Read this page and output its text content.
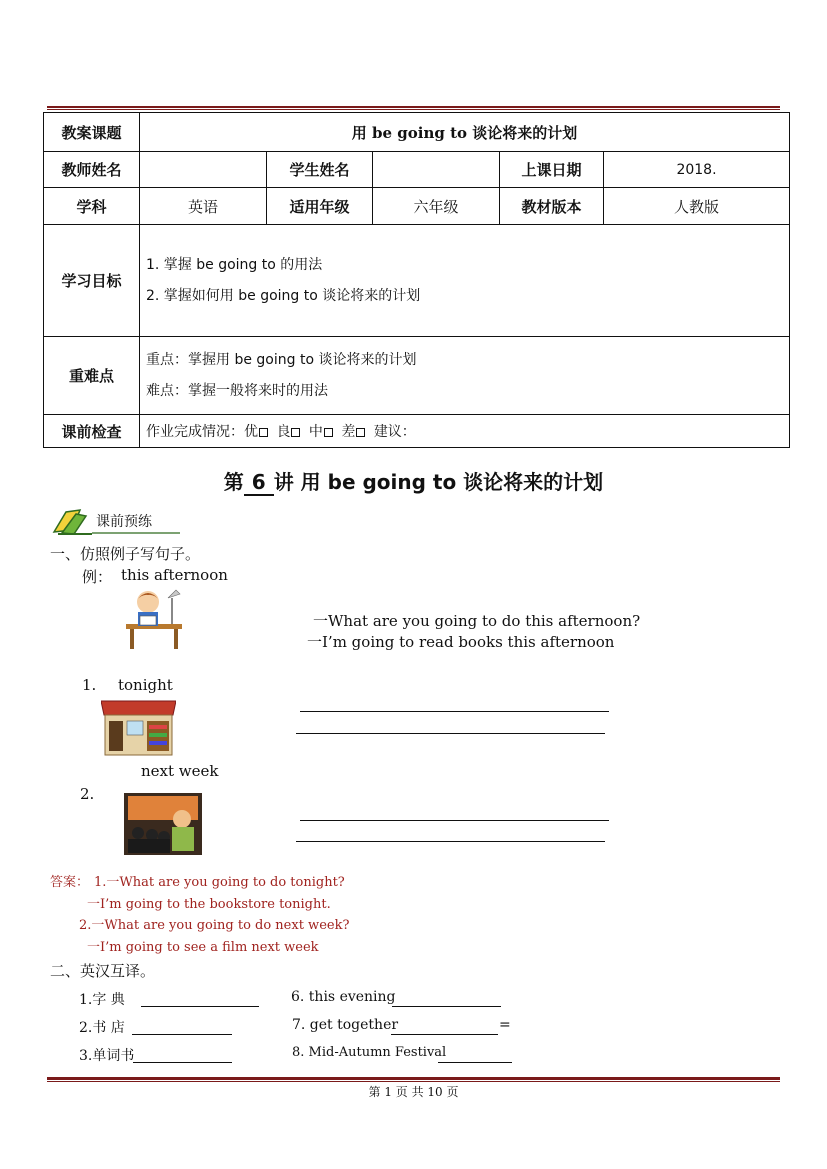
教案课题	用 be going to 谈论将来的计划				
教师姓名		学生姓名		上课日期	2018.
学科	英语	适用年级	六年级	教材版本	人教版
学习目标	1. 掌握 be going to 的用法
2. 掌握如何用 be going to 谈论将来的计划				

重难点	重点：掌握用 be going to 谈论将来的计划
难点：掌握一般将来时的用法				

课前检查	作业完成情况：优 良 中 差 建议：				
第 6 讲 用 be going to 谈论将来的计划
课前预练
一、仿照例子写句子。
例： this afternoon
一What are you going to do this afternoon?
一I’m going to read books this afternoon
1. tonight
next week
2.
答案： 1.一What are you going to do tonight?
一I’m going to the bookstore tonight.
2.一What are you going to do next week?
一I’m going to see a film next week
二、英汉互译。
1.字 典
2.书 店
3.单词书
6. this evening
7. get together	=
8. Mid-Autumn Festival
第 1 页 共 10 页
